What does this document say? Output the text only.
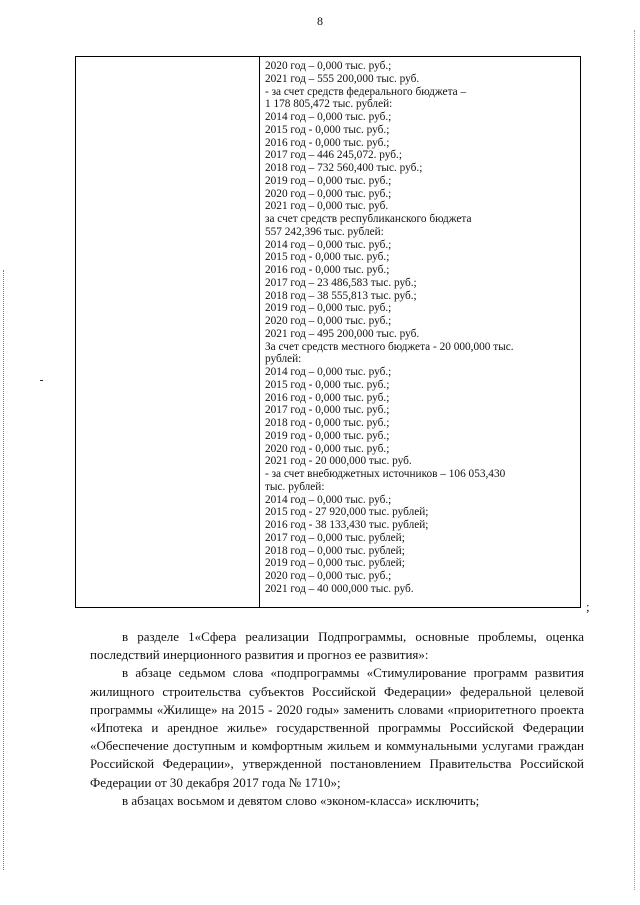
8
2020 год – 0,000 тыс. руб.;
2021 год – 555 200,000 тыс. руб.
- за счет средств федерального бюджета –
1 178 805,472 тыс. рублей:
2014 год – 0,000 тыс. руб.;
2015 год - 0,000 тыс. руб.;
2016 год - 0,000 тыс. руб.;
2017 год – 446 245,072. руб.;
2018 год – 732 560,400 тыс. руб.;
2019 год – 0,000 тыс. руб.;
2020 год – 0,000 тыс. руб.;
2021 год – 0,000 тыс. руб.
за счет средств республиканского бюджета
557 242,396 тыс. рублей:
2014 год – 0,000 тыс. руб.;
2015 год - 0,000 тыс. руб.;
2016 год - 0,000 тыс. руб.;
2017 год – 23 486,583 тыс. руб.;
2018 год – 38 555,813 тыс. руб.;
2019 год – 0,000 тыс. руб.;
2020 год – 0,000 тыс. руб.;
2021 год – 495 200,000 тыс. руб.
За счет средств местного бюджета - 20 000,000 тыс.
рублей:
2014 год – 0,000 тыс. руб.;
2015 год - 0,000 тыс. руб.;
2016 год - 0,000 тыс. руб.;
2017 год - 0,000 тыс. руб.;
2018 год - 0,000 тыс. руб.;
2019 год - 0,000 тыс. руб.;
2020 год - 0,000 тыс. руб.;
2021 год - 20 000,000 тыс. руб.
- за счет внебюджетных источников – 106 053,430
тыс. рублей:
2014 год – 0,000 тыс. руб.;
2015 год - 27 920,000 тыс. рублей;
2016 год - 38 133,430 тыс. рублей;
2017 год – 0,000 тыс. рублей;
2018 год – 0,000 тыс. рублей;
2019 год – 0,000 тыс. рублей;
2020 год – 0,000 тыс. руб.;
2021 год – 40 000,000 тыс. руб.
;

в разделе 1«Сфера реализации Подпрограммы, основные проблемы, оценка последствий инерционного развития и прогноз ее развития»:

в абзаце седьмом слова «подпрограммы «Стимулирование программ развития жилищного строительства субъектов Российской Федерации» федеральной целевой программы «Жилище» на 2015 - 2020 годы» заменить словами «приоритетного проекта «Ипотека и арендное жилье» государственной программы Российской Федерации «Обеспечение доступным и комфортным жильем и коммунальными услугами граждан Российской Федерации», утвержденной постановлением Правительства Российской Федерации от 30 декабря 2017 года № 1710»;

в абзацах восьмом и девятом слово «эконом-класса» исключить;
